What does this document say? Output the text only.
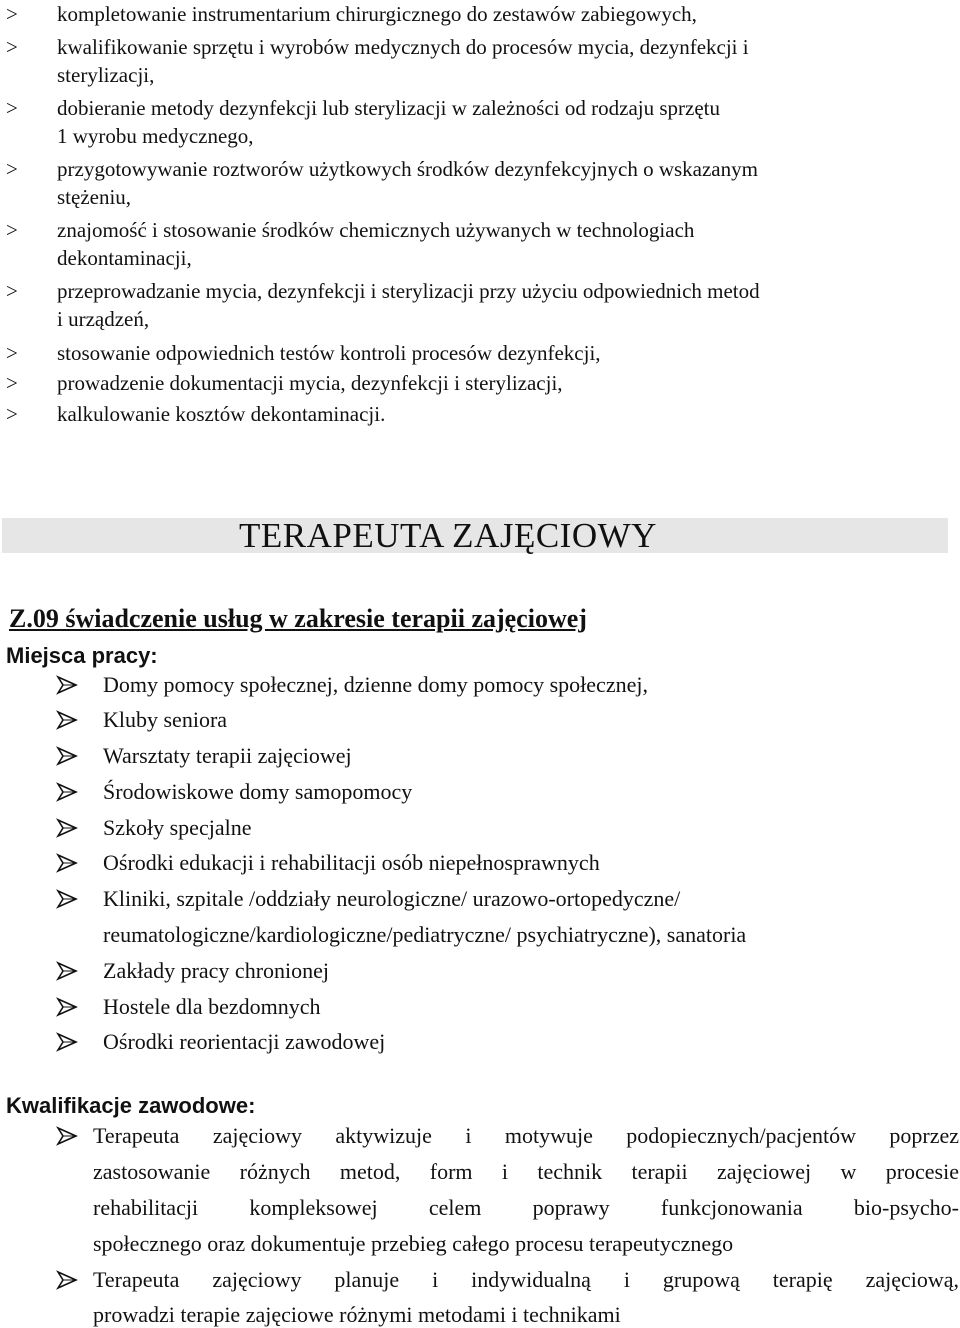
>	kompletowanie instrumentarium chirurgicznego do zestawów zabiegowych,
>	kwalifikowanie sprzętu i wyrobów medycznych do procesów mycia, dezynfekcji i
sterylizacji,
>	dobieranie metody dezynfekcji lub sterylizacji w zależności od rodzaju sprzętu
1 wyrobu medycznego,
>	przygotowywanie roztworów użytkowych środków dezynfekcyjnych o wskazanym
stężeniu,
>	znajomość i stosowanie środków chemicznych używanych w technologiach
dekontaminacji,
>	przeprowadzanie mycia, dezynfekcji i sterylizacji przy użyciu odpowiednich metod
i urządzeń,
>	stosowanie odpowiednich testów kontroli procesów dezynfekcji,
>	prowadzenie dokumentacji mycia, dezynfekcji i sterylizacji,
>	kalkulowanie kosztów dekontaminacji.
TERAPEUTA ZAJĘCIOWY
Z.09 świadczenie usług w zakresie terapii zajęciowej
Miejsca pracy:
Domy pomocy społecznej, dzienne domy pomocy społecznej,
Kluby seniora
Warsztaty terapii zajęciowej
Środowiskowe domy samopomocy
Szkoły specjalne
Ośrodki edukacji i rehabilitacji osób niepełnosprawnych
Kliniki, szpitale /oddziały neurologiczne/ urazowo-ortopedyczne/
reumatologiczne/kardiologiczne/pediatryczne/ psychiatryczne), sanatoria
Zakłady pracy chronionej
Hostele dla bezdomnych
Ośrodki reorientacji zawodowej
Kwalifikacje zawodowe:
Terapeuta zajęciowy aktywizuje i motywuje podopiecznych/pacjentów poprzez
zastosowanie różnych metod, form i technik terapii zajęciowej w procesie
rehabilitacji kompleksowej celem poprawy funkcjonowania bio-psycho-
społecznego oraz dokumentuje przebieg całego procesu terapeutycznego
Terapeuta zajęciowy planuje i indywidualną i grupową terapię zajęciową,
prowadzi terapie zajęciowe różnymi metodami i technikami
